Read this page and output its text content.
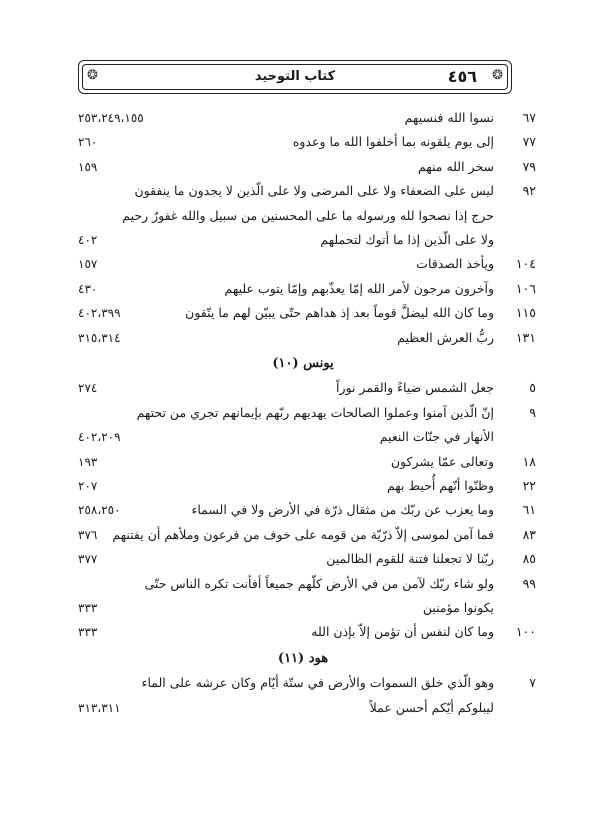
❂	❂
كتاب التوحيد	٤٥٦
٦٧
نسوا الله فنسيهم
٢٥٣،٢٤٩،١٥٥
٧٧
إلى يوم يلقونه بما أخلفوا الله ما وعدوه
٢٦٠
٧٩
سخر الله منهم
١٥٩
٩٢
ليس على الضعفاء ولا على المرضى ولا على الّذين لا يجدون ما ينفقون
حرج إذا نصحوا لله ورسوله ما على المحسنين من سبيل والله غفورٌ رحيم
ولا على الّذين إذا ما أتوك لتحملهم
٤٠٢
١٠٤
ويأخذ الصدقات
١٥٧
١٠٦
وآخرون مرجون لأمر الله إمّا يعذّبهم وإمّا يتوب عليهم
٤٣٠
١١٥
وما كان الله ليضلَّ قوماً بعد إذ هداهم حتّى يبيّن لهم ما يتّقون
٤٠٢،٣٩٩
١٣١
ربُّ العرش العظيم
٣١٥،٣١٤
يونس (١٠)
٥
جعل الشمس ضياءً والقمر نوراً
٢٧٤
٩
إنّ الّذين آمنوا وعملوا الصالحات يهديهم ربّهم بإيمانهم تجري من تحتهم
الأنهار في جنّات النعيم
٤٠٢،٢٠٩
١٨
وتعالى عمّا يشركون
١٩٣
٢٢
وظنّوا أنّهم أُحيط بهم
٢٠٧
٦١
وما يعزب عن ربّك من مثقال ذرّة في الأرض ولا في السماء
٢٥٨،٢٥٠
٨٣
فما آمن لموسى إلاّ ذرّيّة من قومه على خوف من فرعون وملأهم أن يفتنهم
٣٧٦
٨٥
ربّنا لا تجعلنا فتنة للقوم الظالمين
٣٧٧
٩٩
ولو شاء ربّك لآمن من في الأرض كلّهم جميعاً أفأنت تكره الناس حتّى
يكونوا مؤمنين
٣٣٣
١٠٠
وما كان لنفس أن تؤمن إلاّ بإذن الله
٣٣٣
هود (١١)
٧
وهو الّذي خلق السموات والأرض في ستّة أيّام وكان عرشه على الماء
ليبلوكم أيّكم أحسن عملاً
٣١٣،٣١١
